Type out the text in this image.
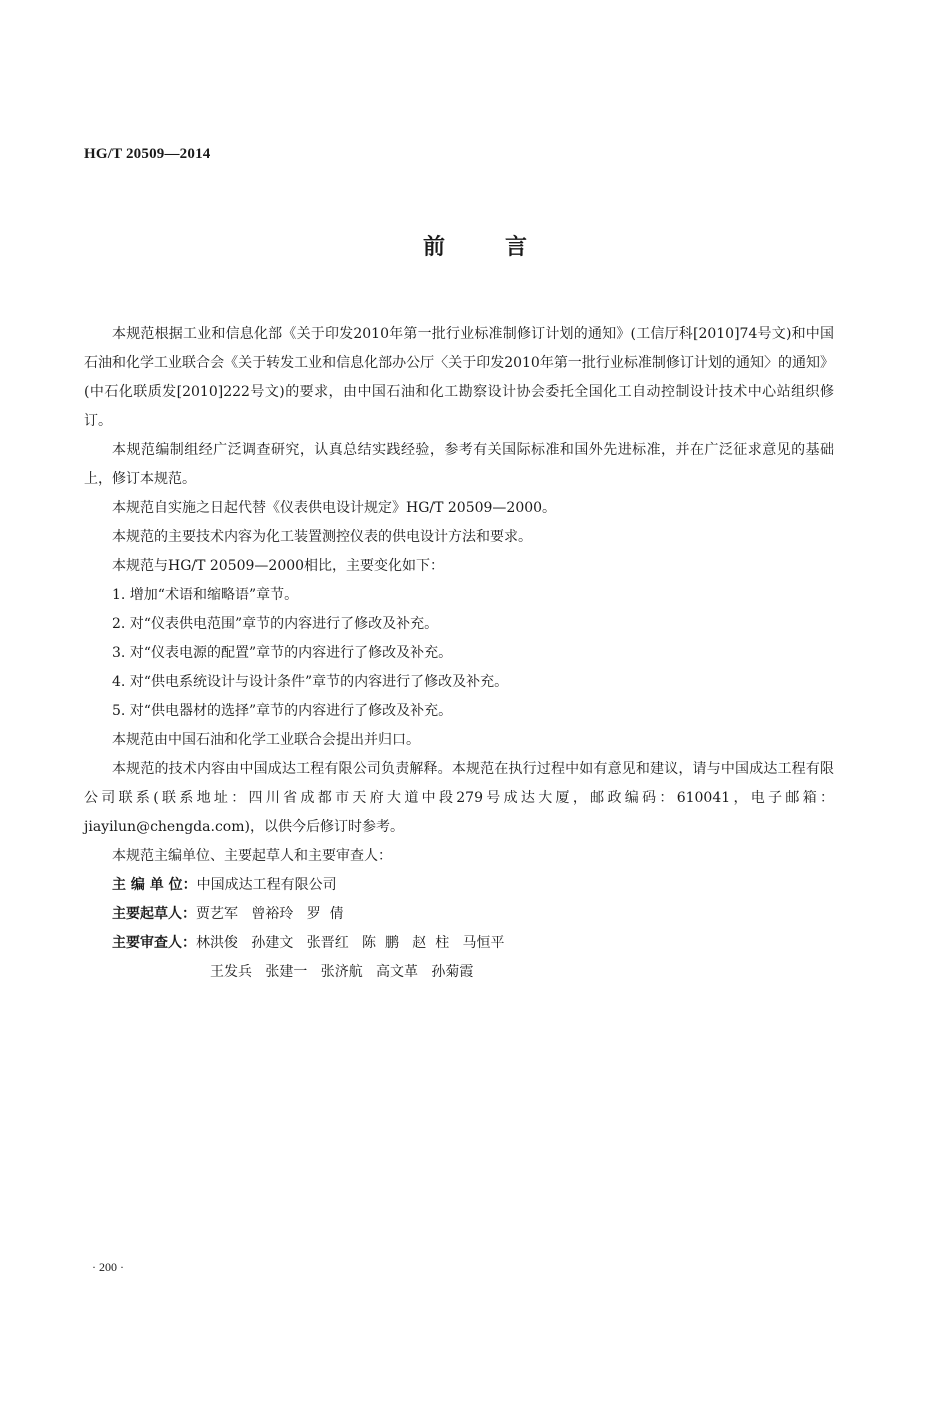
HG/T 20509—2014
前言

本规范根据工业和信息化部《关于印发2010年第一批行业标准制修订计划的通知》(工信厅科[2010]74号文)和中国石油和化学工业联合会《关于转发工业和信息化部办公厅〈关于印发2010年第一批行业标准制修订计划的通知〉的通知》(中石化联质发[2010]222号文)的要求，由中国石油和化工勘察设计协会委托全国化工自动控制设计技术中心站组织修订。

本规范编制组经广泛调查研究，认真总结实践经验，参考有关国际标准和国外先进标准，并在广泛征求意见的基础上，修订本规范。

本规范自实施之日起代替《仪表供电设计规定》HG/T 20509—2000。

本规范的主要技术内容为化工装置测控仪表的供电设计方法和要求。

本规范与HG/T 20509—2000相比，主要变化如下：

1. 增加“术语和缩略语”章节。

2. 对“仪表供电范围”章节的内容进行了修改及补充。

3. 对“仪表电源的配置”章节的内容进行了修改及补充。

4. 对“供电系统设计与设计条件”章节的内容进行了修改及补充。

5. 对“供电器材的选择”章节的内容进行了修改及补充。

本规范由中国石油和化学工业联合会提出并归口。

本规范的技术内容由中国成达工程有限公司负责解释。本规范在执行过程中如有意见和建议，请与中国成达工程有限公司联系(联系地址：四川省成都市天府大道中段279号成达大厦，邮政编码：610041，电子邮箱：jiayilun@chengda.com)，以供今后修订时参考。

本规范主编单位、主要起草人和主要审查人：

主 编 单 位：中国成达工程有限公司

主要起草人：贾艺军   曾裕玲   罗  倩

主要审查人：林洪俊   孙建文   张晋红   陈  鹏   赵  柱   马恒平

王发兵   张建一   张济航   高文革   孙菊霞

· 200 ·
